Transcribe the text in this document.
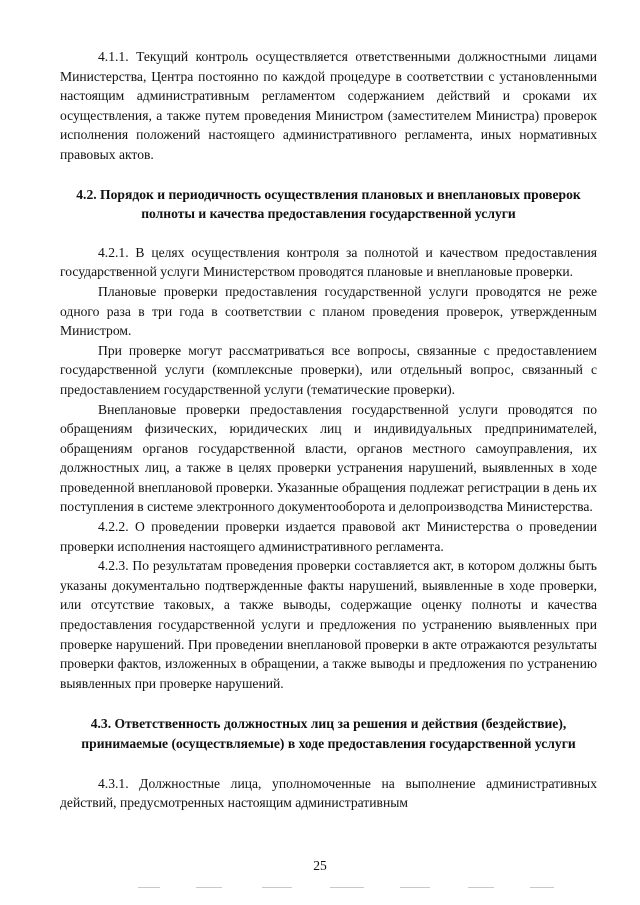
4.1.1. Текущий контроль осуществляется ответственными должностными лицами Министерства, Центра постоянно по каждой процедуре в соответствии с установленными настоящим административным регламентом содержанием действий и сроками их осуществления, а также путем проведения Министром (заместителем Министра) проверок исполнения положений настоящего административного регламента, иных нормативных правовых актов.

4.2. Порядок и периодичность осуществления плановых и внеплановых проверок полноты и качества предоставления государственной услуги

4.2.1. В целях осуществления контроля за полнотой и качеством предоставления государственной услуги Министерством проводятся плановые и внеплановые проверки.

Плановые проверки предоставления государственной услуги проводятся не реже одного раза в три года в соответствии с планом проведения проверок, утвержденным Министром.

При проверке могут рассматриваться все вопросы, связанные с предоставлением государственной услуги (комплексные проверки), или отдельный вопрос, связанный с предоставлением государственной услуги (тематические проверки).

Внеплановые проверки предоставления государственной услуги проводятся по обращениям физических, юридических лиц и индивидуальных предпринимателей, обращениям органов государственной власти, органов местного самоуправления, их должностных лиц, а также в целях проверки устранения нарушений, выявленных в ходе проведенной внеплановой проверки. Указанные обращения подлежат регистрации в день их поступления в системе электронного документооборота и делопроизводства Министерства.

4.2.2. О проведении проверки издается правовой акт Министерства о проведении проверки исполнения настоящего административного регламента.

4.2.3. По результатам проведения проверки составляется акт, в котором должны быть указаны документально подтвержденные факты нарушений, выявленные в ходе проверки, или отсутствие таковых, а также выводы, содержащие оценку полноты и качества предоставления государственной услуги и предложения по устранению выявленных при проверке нарушений. При проведении внеплановой проверки в акте отражаются результаты проверки фактов, изложенных в обращении, а также выводы и предложения по устранению выявленных при проверке нарушений.

4.3. Ответственность должностных лиц за решения и действия (бездействие), принимаемые (осуществляемые) в ходе предоставления государственной услуги

4.3.1. Должностные лица, уполномоченные на выполнение административных действий, предусмотренных настоящим административным

25
